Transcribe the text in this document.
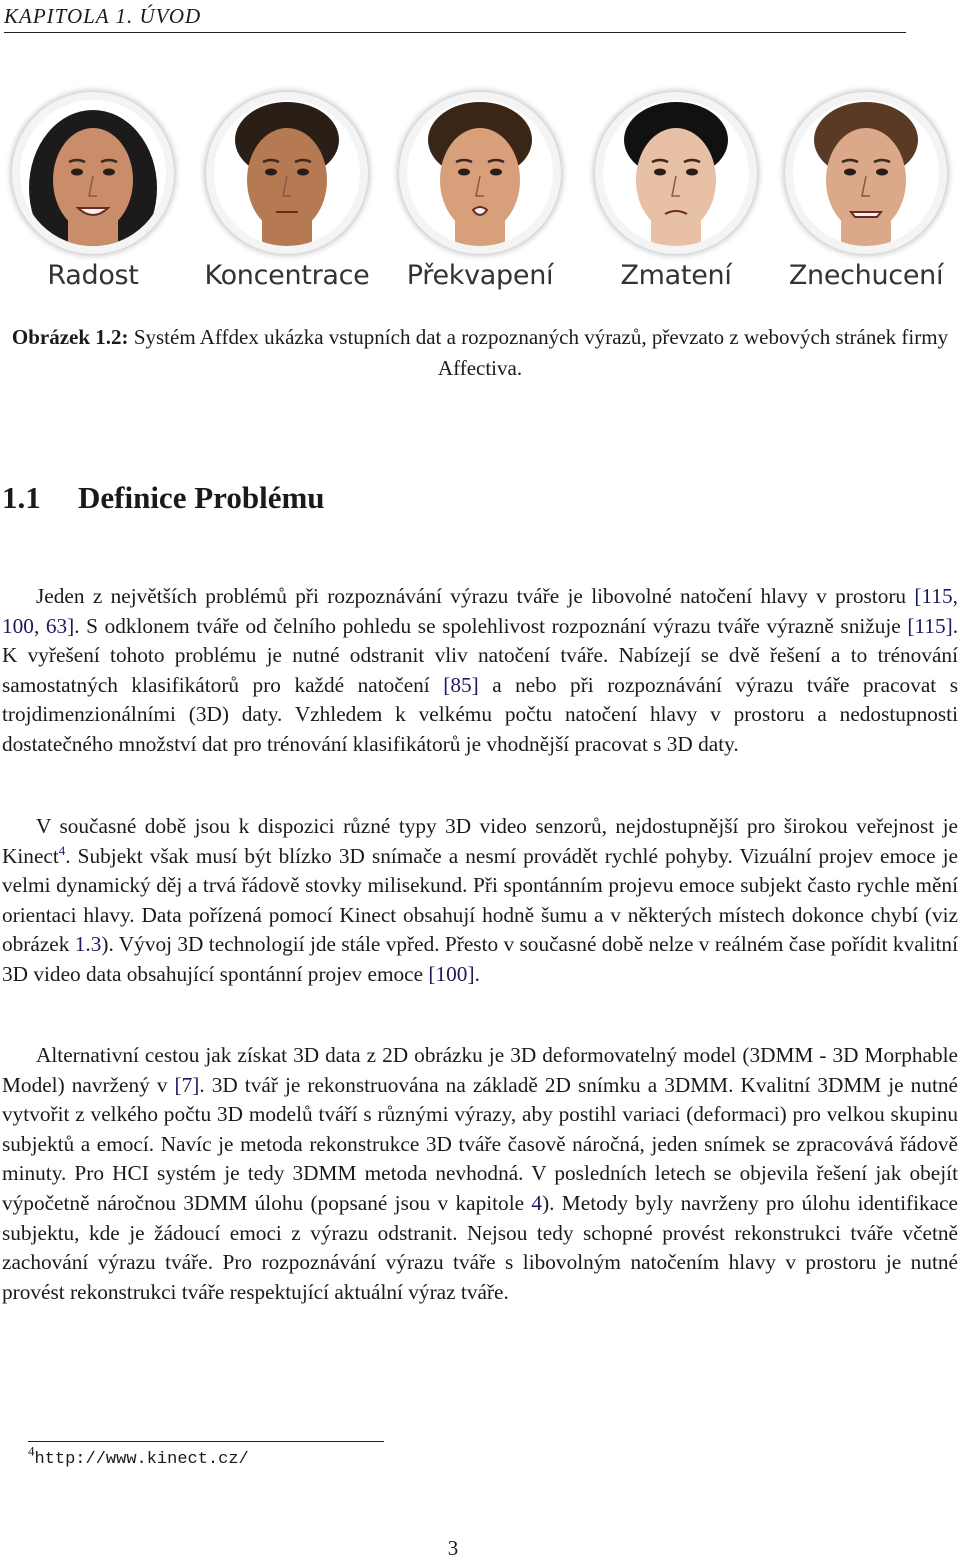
KAPITOLA 1. ÚVOD
Radost	Koncentrace	Překvapení	Zmatení	Znechucení
Obrázek 1.2: Systém Affdex ukázka vstupních dat a rozpoznaných výrazů, převzato z webových stránek firmy Affectiva.
1.1 Definice Problému

Jeden z největších problémů při rozpoznávání výrazu tváře je libovolné natočení hlavy v prostoru [115, 100, 63]. S odklonem tváře od čelního pohledu se spolehlivost rozpoznání výrazu tváře výrazně snižuje [115]. K vyřešení tohoto problému je nutné odstranit vliv natočení tváře. Nabízejí se dvě řešení a to trénování samostatných klasifikátorů pro každé natočení [85] a nebo při rozpoznávání výrazu tváře pracovat s trojdimenzionálními (3D) daty. Vzhledem k velkému počtu natočení hlavy v prostoru a nedostupnosti dostatečného množství dat pro trénování klasifikátorů je vhodnější pracovat s 3D daty.

V současné době jsou k dispozici různé typy 3D video senzorů, nejdostupnější pro širokou veřejnost je Kinect$^4$. Subjekt však musí být blízko 3D snímače a nesmí provádět rychlé pohyby. Vizuální projev emoce je velmi dynamický děj a trvá řádově stovky milisekund. Při spontánním projevu emoce subjekt často rychle mění orientaci hlavy. Data pořízená pomocí Kinect obsahují hodně šumu a v některých místech dokonce chybí (viz obrázek 1.3). Vývoj 3D technologií jde stále vpřed. Přesto v současné době nelze v reálném čase pořídit kvalitní 3D video data obsahující spontánní projev emoce [100].

Alternativní cestou jak získat 3D data z 2D obrázku je 3D deformovatelný model (3DMM - 3D Morphable Model) navržený v [7]. 3D tvář je rekonstruována na základě 2D snímku a 3DMM. Kvalitní 3DMM je nutné vytvořit z velkého počtu 3D modelů tváří s různými výrazy, aby postihl variaci (deformaci) pro velkou skupinu subjektů a emocí. Navíc je metoda rekonstrukce 3D tváře časově náročná, jeden snímek se zpracovává řádově minuty. Pro HCI systém je tedy 3DMM metoda nevhodná. V posledních letech se objevila řešení jak obejít výpočetně náročnou 3DMM úlohu (popsané jsou v kapitole 4). Metody byly navrženy pro úlohu identifikace subjektu, kde je žádoucí emoci z výrazu odstranit. Nejsou tedy schopné provést rekonstrukci tváře včetně zachování výrazu tváře. Pro rozpoznávání výrazu tváře s libovolným natočením hlavy v prostoru je nutné provést rekonstrukci tváře respektující aktuální výraz tváře.

$^4$http://www.kinect.cz/
3
